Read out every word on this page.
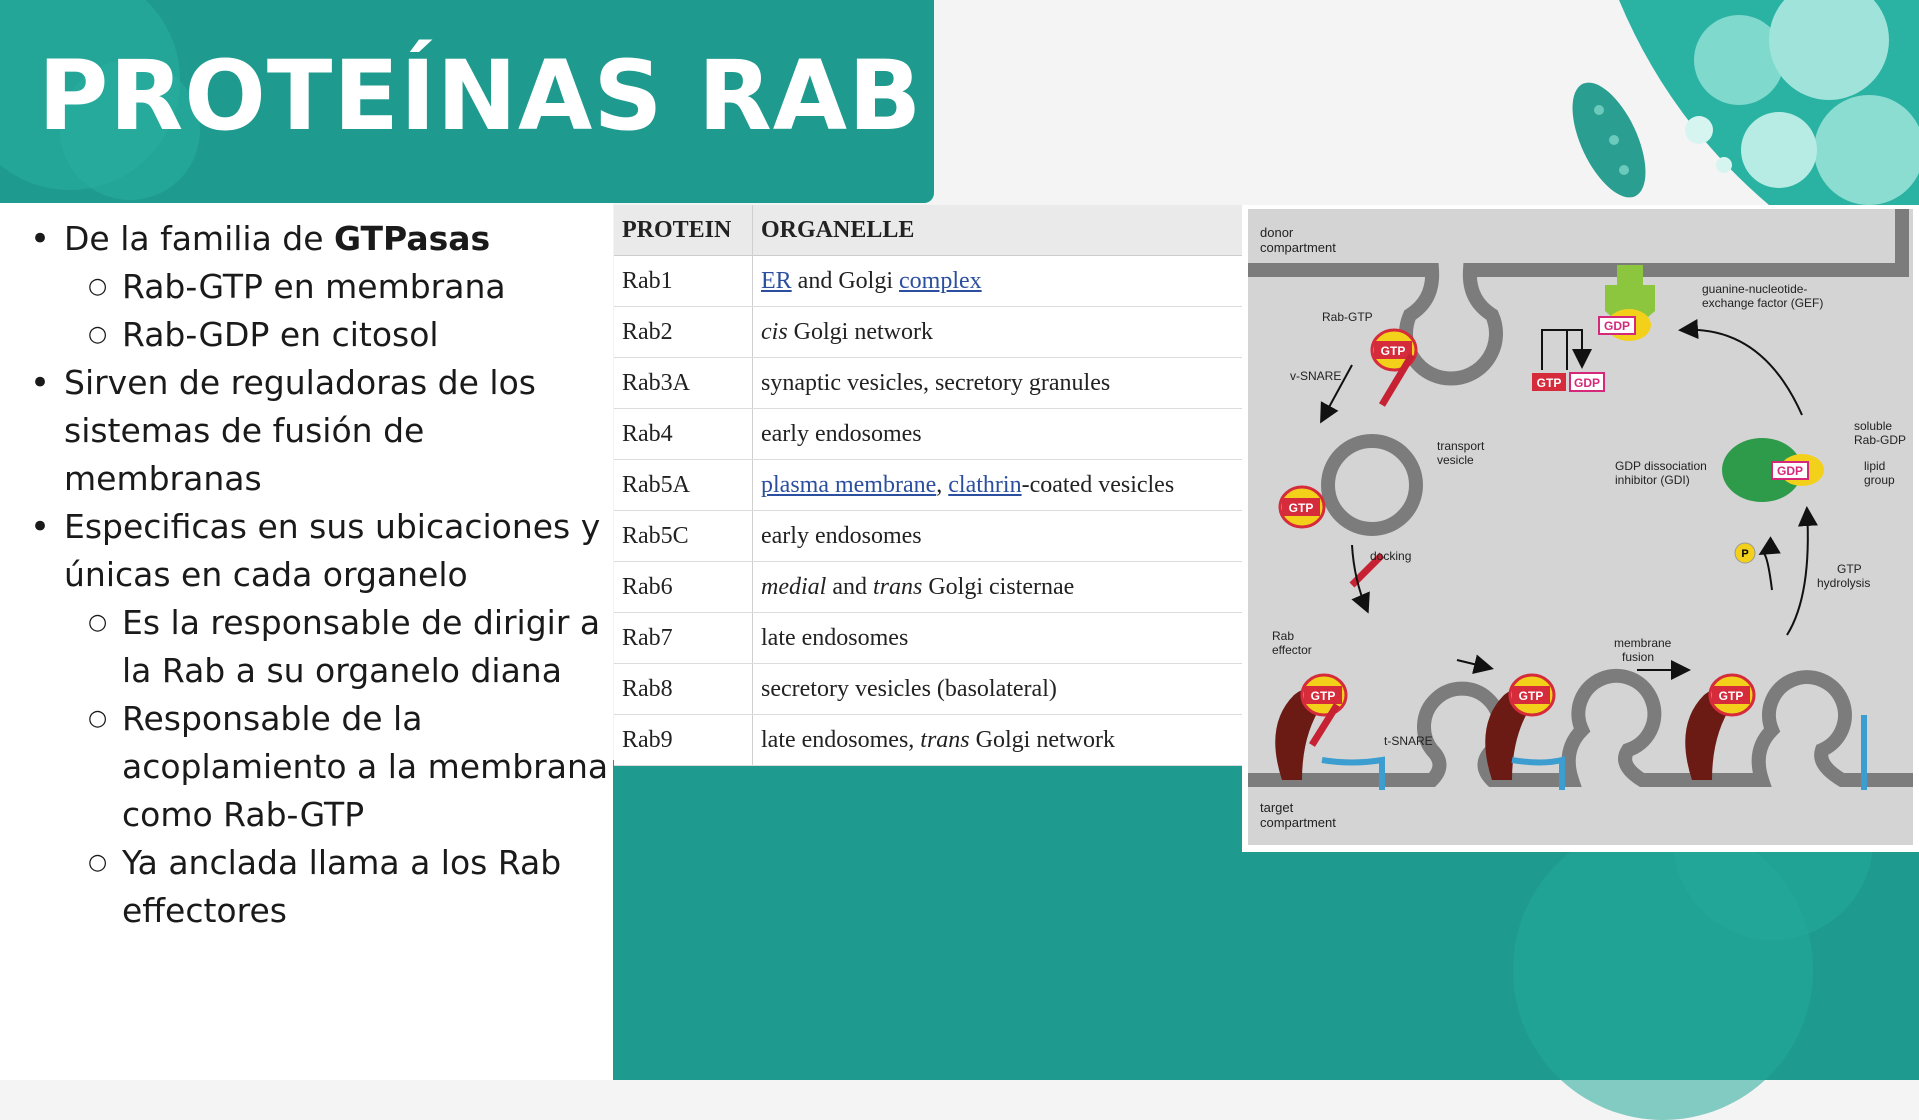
PROTEÍNAS RAB
• De la familia de GTPasas
○ Rab-GTP en membrana
○ Rab-GDP en citosol
• Sirven de reguladoras de los sistemas de fusión de membranas
• Especificas en sus ubicaciones y únicas en cada organelo
○ Es la responsable de dirigir a la Rab a su organelo diana
○ Responsable de la acoplamiento a la membrana como Rab-GTP
○ Ya anclada llama a los Rab effectores
PROTEIN	ORGANELLE
Rab1	ER and Golgi complex
Rab2	cis Golgi network
Rab3A	synaptic vesicles, secretory granules
Rab4	early endosomes
Rab5A	plasma membrane, clathrin-coated vesicles
Rab5C	early endosomes
Rab6	medial and trans Golgi cisternae
Rab7	late endosomes
Rab8	secretory vesicles (basolateral)
Rab9	late endosomes, trans Golgi network
GTP
GTP
GTP	GTP	GTP
GDP
GDP
GTP GDP
P
donor compartment
target compartment
guanine-nucleotide-exchange factor (GEF)
Rab-GTP
v-SNARE
transport vesicle
docking
GDP dissociation inhibitor (GDI)
soluble Rab-GDP
lipid group
GTP hydrolysis
Rab effector	membrane fusion
t-SNARE
